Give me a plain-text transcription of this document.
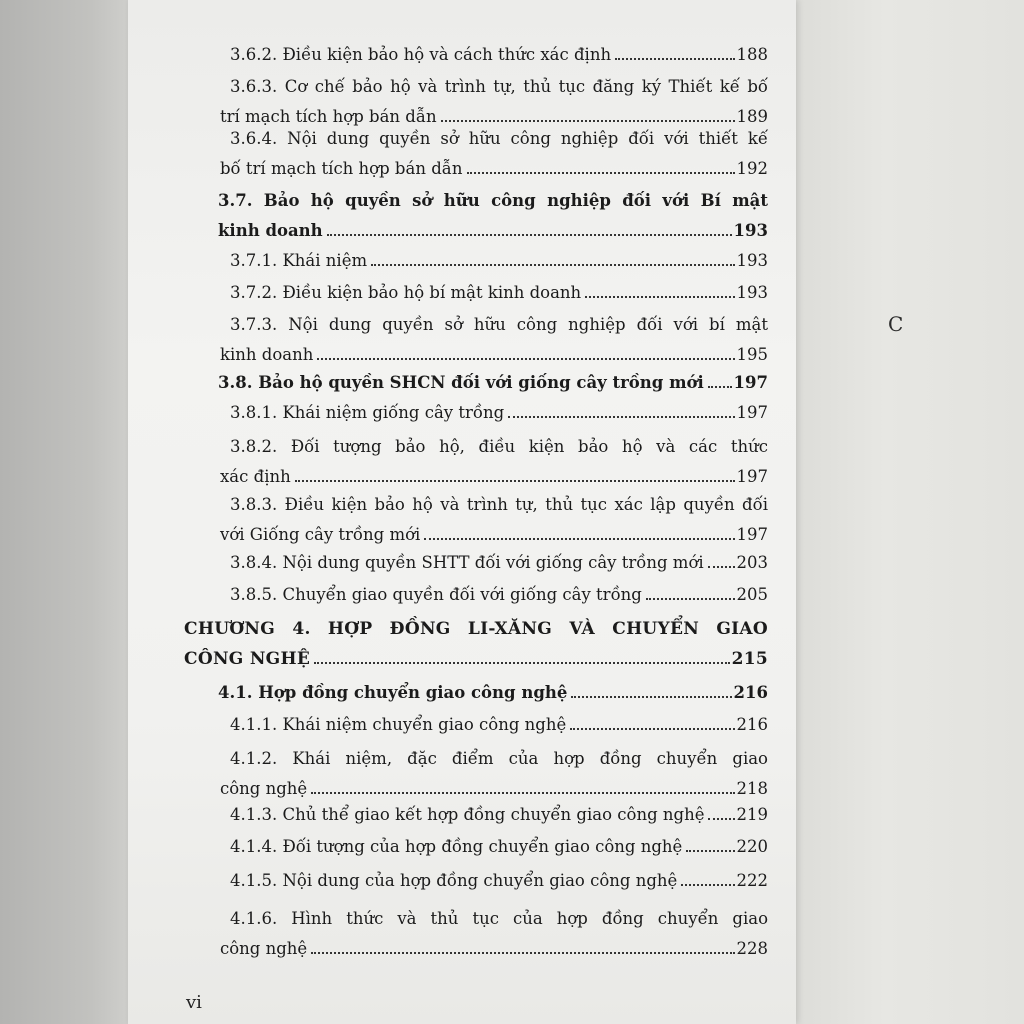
C
3.6.2. Điều kiện bảo hộ và cách thức xác định	188
3.6.3. Cơ chế bảo hộ và trình tự, thủ tục đăng ký Thiết kế bố
trí mạch tích hợp bán dẫn	189
3.6.4. Nội dung quyền sở hữu công nghiệp đối với thiết kế
bố trí mạch tích hợp bán dẫn	192
3.7. Bảo hộ quyền sở hữu công nghiệp đối với Bí mật
kinh doanh	193
3.7.1. Khái niệm	193
3.7.2. Điều kiện bảo hộ bí mật kinh doanh	193
3.7.3. Nội dung quyền sở hữu công nghiệp đối với bí mật
kinh doanh	195
3.8. Bảo hộ quyền SHCN đối với giống cây trồng mới 197
3.8.1. Khái niệm giống cây trồng	197
3.8.2. Đối tượng bảo hộ, điều kiện bảo hộ và các thức
xác định	197
3.8.3. Điều kiện bảo hộ và trình tự, thủ tục xác lập quyền đối
với Giống cây trồng mới	197
3.8.4. Nội dung quyền SHTT đối với giống cây trồng mới 203
3.8.5. Chuyển giao quyền đối với giống cây trồng	205
CHƯƠNG 4. HỢP ĐỒNG LI-XĂNG VÀ CHUYỂN GIAO
CÔNG NGHỆ	215
4.1. Hợp đồng chuyển giao công nghệ	216
4.1.1. Khái niệm chuyển giao công nghệ	216
4.1.2. Khái niệm, đặc điểm của hợp đồng chuyển giao
công nghệ	218
4.1.3. Chủ thể giao kết hợp đồng chuyển giao công nghệ 219
4.1.4. Đối tượng của hợp đồng chuyển giao công nghệ	220
4.1.5. Nội dung của hợp đồng chuyển giao công nghệ	222
4.1.6. Hình thức và thủ tục của hợp đồng chuyển giao
công nghệ	228
vi
